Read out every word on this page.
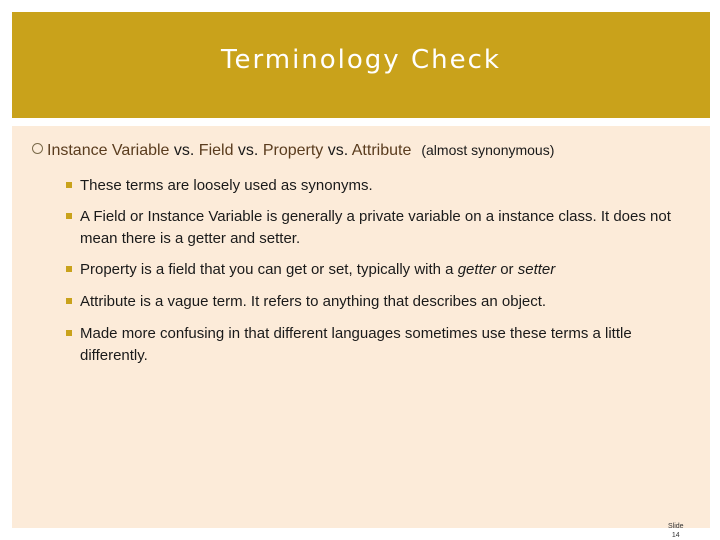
Terminology Check
Instance Variable vs. Field vs. Property vs. Attribute (almost synonymous)
These terms are loosely used as synonyms.
A Field or Instance Variable is generally a private variable on a instance class. It does not mean there is a getter and setter.
Property is a field that you can get or set, typically with a getter or setter
Attribute is a vague term. It refers to anything that describes an object.
Made more confusing in that different languages sometimes use these terms a little differently.
Slide
14
